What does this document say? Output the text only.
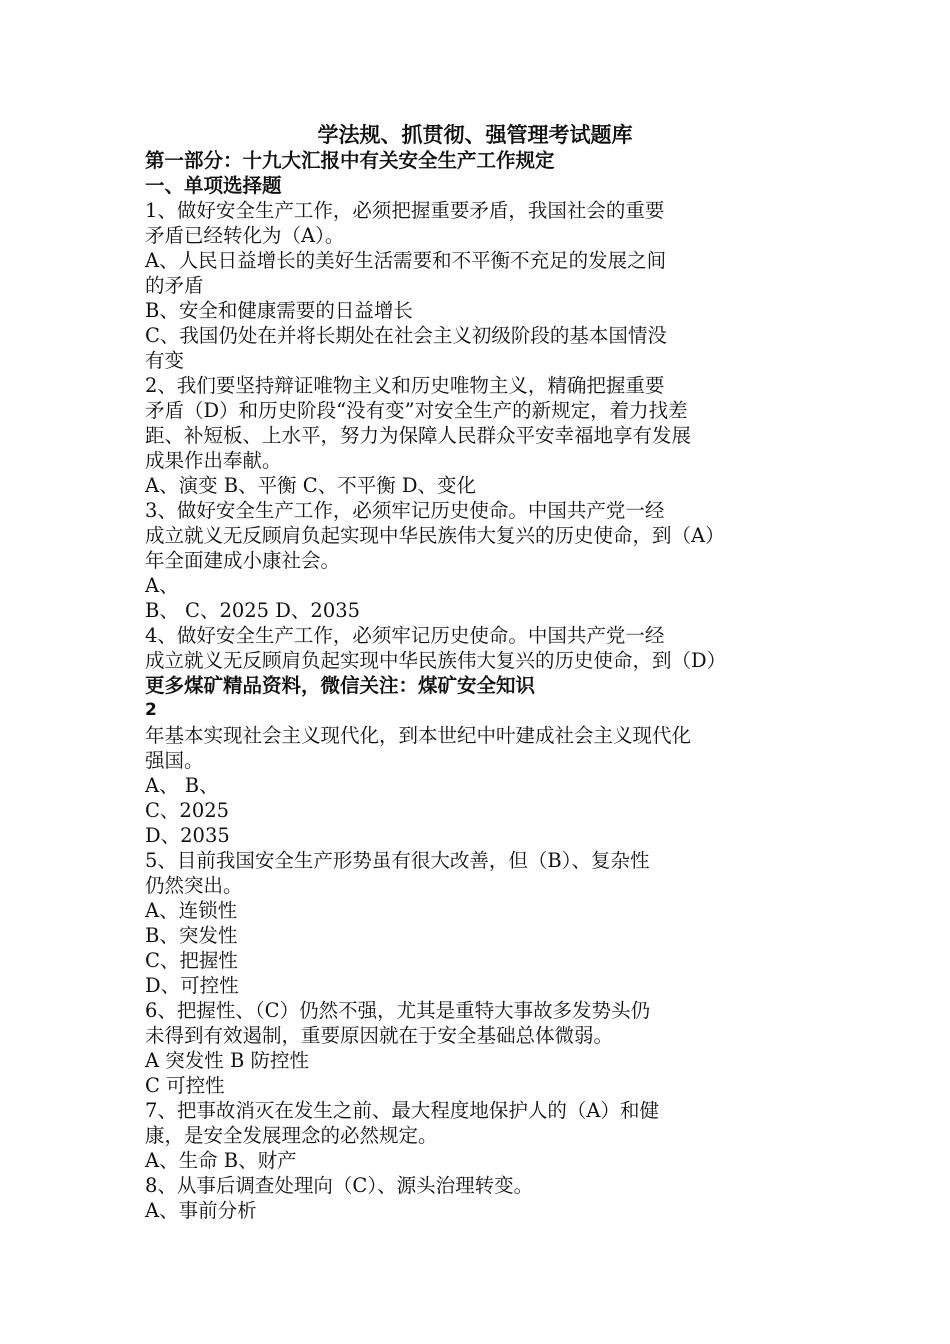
学法规、抓贯彻、强管理考试题库
第一部分：十九大汇报中有关安全生产工作规定
一、单项选择题
1、做好安全生产工作，必须把握重要矛盾，我国社会的重要
矛盾已经转化为（A）。
A、人民日益增长的美好生活需要和不平衡不充足的发展之间
的矛盾
B、安全和健康需要的日益增长
C、我国仍处在并将长期处在社会主义初级阶段的基本国情没
有变
2、我们要坚持辩证唯物主义和历史唯物主义，精确把握重要
矛盾（D）和历史阶段“没有变”对安全生产的新规定，着力找差
距、补短板、上水平，努力为保障人民群众平安幸福地享有发展
成果作出奉献。
A、演变 B、平衡 C、不平衡 D、变化
3、做好安全生产工作，必须牢记历史使命。中国共产党一经
成立就义无反顾肩负起实现中华民族伟大复兴的历史使命，到（A）
年全面建成小康社会。
A、
B、 C、2025 D、2035
4、做好安全生产工作，必须牢记历史使命。中国共产党一经
成立就义无反顾肩负起实现中华民族伟大复兴的历史使命，到（D）
更多煤矿精品资料，微信关注：煤矿安全知识
2
年基本实现社会主义现代化，到本世纪中叶建成社会主义现代化
强国。
A、 B、
C、2025
D、2035
5、目前我国安全生产形势虽有很大改善，但（B）、复杂性
仍然突出。
A、连锁性
B、突发性
C、把握性
D、可控性
6、把握性、（C）仍然不强，尤其是重特大事故多发势头仍
未得到有效遏制，重要原因就在于安全基础总体微弱。
A 突发性 B 防控性
C 可控性
7、把事故消灭在发生之前、最大程度地保护人的（A）和健
康，是安全发展理念的必然规定。
A、生命 B、财产
8、从事后调查处理向（C）、源头治理转变。
A、事前分析
